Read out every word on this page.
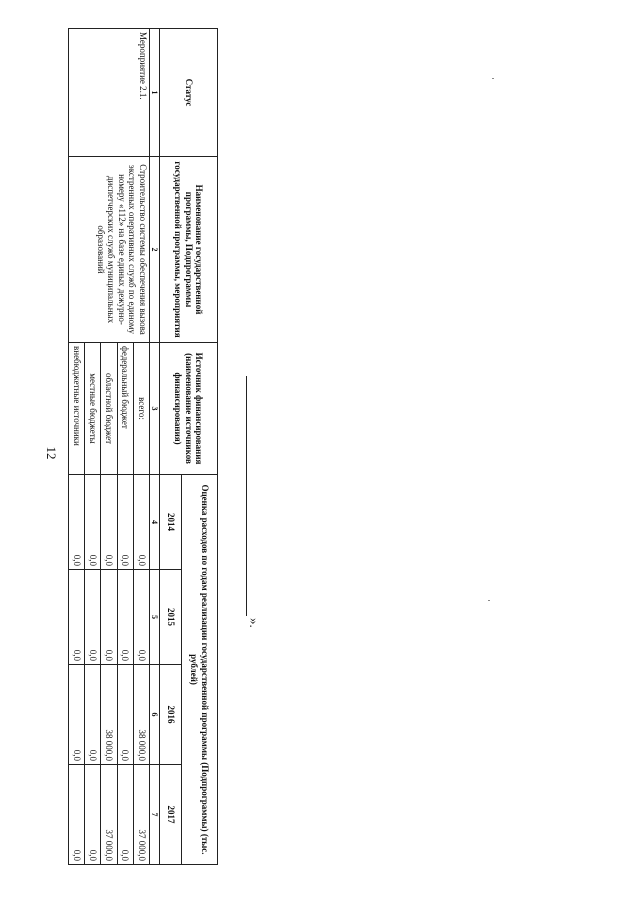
12
Статус	Наименование государственной программы, Подпрограммы государственной программы, мероприятия	Источник финансирования (наименование источников финансирования)	Оценка расходов по годам реализации государственной программы (Подпрограммы) (тыс. рублей)			
			2014	2015	2016	2017
1	2	3	4	5	6	7
Мероприятие 2.1.	Строительство системы обеспечения вызова экстренных оперативных служб по единому номеру «112» на базе единых дежурно-диспетчерских служб муниципальных образований	всего:	0,0	0,0	38 000,0	37 000,0
		федеральный бюджет	0,0	0,0	0,0	0,0
		областной бюджет	0,0	0,0	38 000,0	37 000,0
		местные бюджеты	0,0	0,0	0,0	0,0
		внебюджетные источники	0,0	0,0	0,0	0,0
».
